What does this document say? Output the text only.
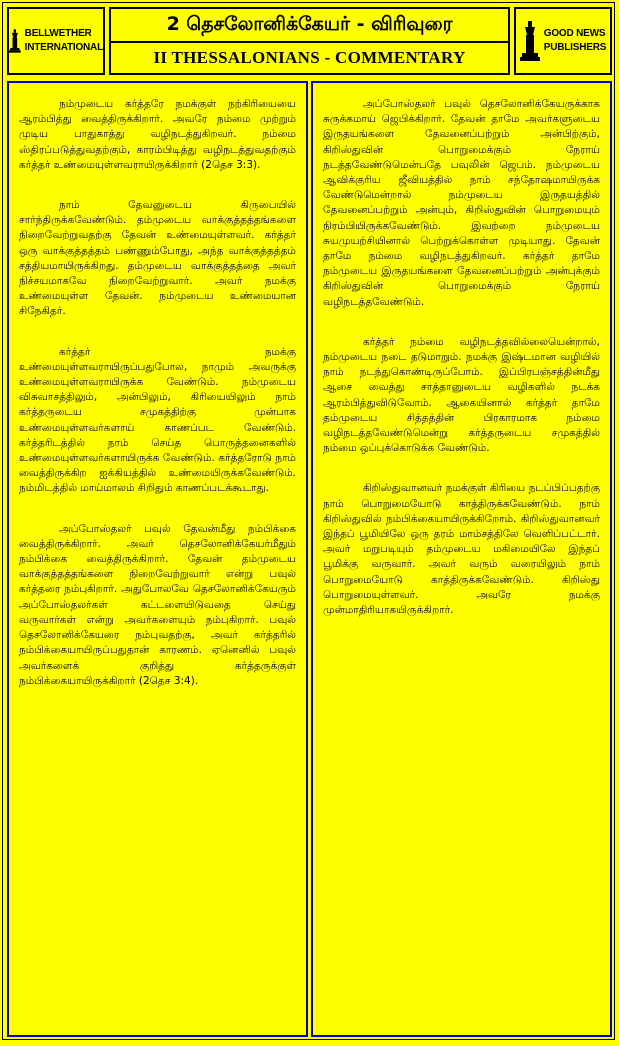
BELLWETHER
INTERNATIONAL
2 தெசலோனிக்கேயர் - விரிவுரை
II THESSALONIANS - COMMENTARY
GOOD NEWS
PUBLISHERS

நம்முடைய கர்த்தரே நமக்குள் நற்கிரியையை ஆரம்பித்து வைத்திருக்கிறார். அவரே நம்மை முற்றும் முடிய பாதுகாத்து வழிநடத்துகிறவர். நம்மை ஸ்திரப்படுத்துவதற்கும், காரம்பிடித்து வழிநடத்துவதற்கும் கர்த்தர் உண்மையுள்ளவராயிருக்கிறார் (2தெச 3:3).

நாம் தேவனுடைய கிருபையில் சார்ந்திருக்கவேண்டும். தம்முடைய வாக்குத்தத்தங்களை நிறைவேற்றுவதற்கு தேவன் உண்மையுள்ளவர். கர்த்தர் ஒரு வாக்குத்தத்தம் பண்ணும்போது, அந்த வாக்குத்தத்தம் சத்தியமாயிருக்கிறது. தம்முடைய வாக்குத்தத்தை அவர் நிச்சயமாகவே நிறைவேற்றுவார். அவர் நமக்கு உண்மையுள்ள தேவன். நம்முடைய உண்மையான சிநேகிதர்.

கர்த்தர் நமக்கு உண்மையுள்ளவராயிருப்பதுபோல, நாமும் அவருக்கு உண்மையுள்ளவராயிருக்க வேண்டும். நம்முடைய விசுவாசத்திலும், அன்பிலும், கிரியையிலும் நாம் கர்த்தருடைய சமுகத்திற்கு முன்பாக உண்மையுள்ளவர்களாய் காணப்பட வேண்டும். கர்த்தரிடத்தில் நாம் செய்த பொருத்தனைகளில் உண்மையுள்ளவர்களாயிருக்க வேண்டும். கர்த்தரோடு நாம் வைத்திருக்கிற ஐக்கியத்தில் உண்மையிருக்கவேண்டும். நம்மிடத்தில் மாய்மாலம் சிறிதும் காணப்படக்கூடாது.

அப்போஸ்தலர் பவுல் தேவன்மீது நம்பிக்கை வைத்திருக்கிறார். அவர் தெசலோனிக்கேயர்மீதும் நம்பிக்கை வைத்திருக்கிறார். தேவன் தம்முடைய வாக்குத்தத்தங்களை நிறைவேற்றுவார் என்று பவுல் கர்த்தரை நம்புகிறார். அதுபோலவே தெசலோனிக்கேயரும் அப்போஸ்தலர்கள் கட்டளையிடுவதை செய்து வருவார்கள் என்று அவர்களையும் நம்புகிறார். பவுல் தெசலோனிக்கேயரை நம்புவதற்கு, அவர் கர்த்தரில் நம்பிக்கையாயிருப்பதுதான் காரணம். ஏனெனில் பவுல் அவர்களைக் குறித்து கர்த்தருக்குள் நம்பிக்கையாயிருக்கிறார் (2தெச 3:4).

அப்போஸ்தலர் பவுல் தெசலோனிக்கேயருக்காக சுருக்கமாய் ஜெபிக்கிறார். தேவன் தாமே அவர்களுடைய இருதயங்களை தேவனைப்பற்றும் அன்பிற்கும், கிறிஸ்துவின் பொறுமைக்கும் நேராய் நடத்தவேண்டுமென்பதே பவுலின் ஜெபம். நம்முடைய ஆவிக்குரிய ஜீவியத்தில் நாம் சந்தோஷமாயிருக்க வேண்டுமென்றால் நம்முடைய இருதயத்தில் தேவனைப்பற்றும் அன்பும், கிறிஸ்துவின் பொறுமையும் நிரம்பியிருக்கவேண்டும். இவற்றை நம்முடைய சுயமுயற்சியினால் பெற்றுக்கொள்ள முடியாது. தேவன் தாமே நம்மை வழிநடத்துகிறவர். கர்த்தர் தாமே நம்முடைய இருதயங்களை தேவனைப்பற்றும் அன்புக்கும் கிறிஸ்துவின் பொறுமைக்கும் நேராய் வழிநடத்தவேண்டும்.

கர்த்தர் நம்மை வழிநடத்தவில்லையென்றால், நம்முடைய நடை தடுமாறும். நமக்கு இஷ்டமான வழியில் நாம் நடந்துகொண்டிருப்போம். இப்பிரபஞ்சத்தின்மீது ஆசை வைத்து சாத்தானுடைய வழிகளில் நடக்க ஆரம்பித்துவிடுவோம். ஆகையினால் கர்த்தர் தாமே தம்முடைய சித்தத்தின் பிரகாரமாக நம்மை வழிநடத்தவேண்டுமென்று கர்த்தருடைய சமுகத்தில் நம்மை ஒப்புக்கொடுக்க வேண்டும்.

கிறிஸ்துவானவர் நமக்குள் கிரியை நடப்பிப்பதற்கு நாம் பொறுமையோடு காத்திருக்கவேண்டும். நாம் கிறிஸ்துவில் நம்பிக்கையாயிருக்கிறோம். கிறிஸ்துவானவர் இந்தப் பூமியிலே ஒரு தரம் மாம்சத்திலே வெளிப்பட்டார். அவர் மறுபடியும் தம்முடைய மகிமையிலே இந்தப் பூமிக்கு வருவார். அவர் வரும் வரையிலும் நாம் பொறுமையோடு காத்திருக்கவேண்டும். கிறிஸ்து பொறுமையுள்ளவர். அவரே நமக்கு முன்மாதிரியாகயிருக்கிறார்.
